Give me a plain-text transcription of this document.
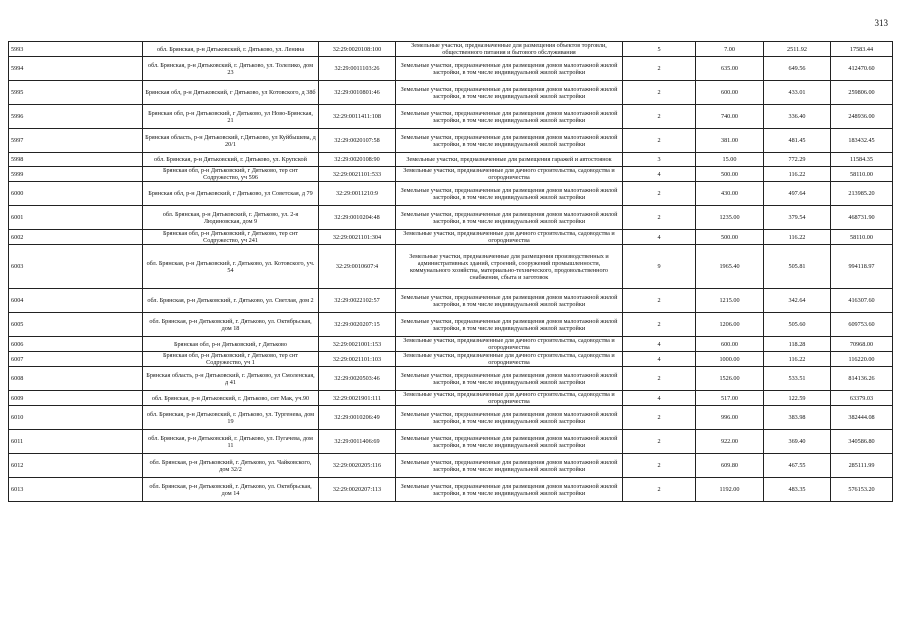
313
5993	обл. Брянская, р-н Дятьковский, г. Дятьково, ул. Ленина	32:29:0020108:100	Земельные участки, предназначенные для размещения объектов торговли, общественного питания и бытового обслуживания	5	7.00	2511.92	17583.44
5994	обл. Брянская, р-н Дятьковский, г. Дятьково, ул. Толелико, дом 23	32:29:0011103:26	Земельные участки, предназначенные для размещения домов малоэтажной жилой застройки, в том числе индивидуальной жилой застройки	2	635.00	649.56	412470.60
5995	Брянская обл, р-н Дятьковский, г Дятьково, ул Котовского, д 38б	32:29:0010801:46	Земельные участки, предназначенные для размещения домов малоэтажной жилой застройки, в том числе индивидуальной жилой застройки	2	600.00	433.01	259806.00
5996	Брянская обл, р-н Дятьковский, г Дятьково, ул Ново-Брянская, 21	32:29:0011411:108	Земельные участки, предназначенные для размещения домов малоэтажной жилой застройки, в том числе индивидуальной жилой застройки	2	740.00	336.40	248936.00
5997	Брянская область, р-н Дятьковский, г.Дятьково, ул Куйбышева, д 20/1	32:29:0020107:58	Земельные участки, предназначенные для размещения домов малоэтажной жилой застройки, в том числе индивидуальной жилой застройки	2	381.00	481.45	183432.45
5998	обл. Брянская, р-н Дятьковский, г. Дятьково, ул. Крупской	32:29:0020108:90	Земельные участки, предназначенные для размещения гаражей и автостоянок	3	15.00	772.29	11584.35
5999	Брянская обл, р-н Дятьковский, г Дятьково, тер снт Содружество, уч 596	32:29:0021101:533	Земельные участки, предназначенные для дачного строительства, садоводства и огородничества	4	500.00	116.22	58110.00
6000	Брянская обл, р-н Дятьковский, г Дятьково, ул Советская, д 79	32:29:0011210:9	Земельные участки, предназначенные для размещения домов малоэтажной жилой застройки, в том числе индивидуальной жилой застройки	2	430.00	497.64	213985.20
6001	обл. Брянская, р-н Дятьковский, г. Дятьково, ул. 2-я Людиновская, дом 9	32:29:0010204:48	Земельные участки, предназначенные для размещения домов малоэтажной жилой застройки, в том числе индивидуальной жилой застройки	2	1235.00	379.54	468731.90
6002	Брянская обл, р-н Дятьковский, г Дятьково, тер снт Содружество, уч 241	32:29:0021101:304	Земельные участки, предназначенные для дачного строительства, садоводства и огородничества	4	500.00	116.22	58110.00
6003	обл. Брянская, р-н Дятьковский, г. Дятьково, ул. Котовского, уч. 54	32:29:0010607:4	Земельные участки, предназначенные для размещения производственных и административных зданий, строений, сооружений промышленности, коммунального хозяйства, материально-технического, продовольственного снабжения, сбыта и заготовок	9	1965.40	505.81	994118.97
6004	обл. Брянская, р-н Дятьковский, г. Дятьково, ул. Светлая, дом 2	32:29:0022102:57	Земельные участки, предназначенные для размещения домов малоэтажной жилой застройки, в том числе индивидуальной жилой застройки	2	1215.00	342.64	416307.60
6005	обл. Брянская, р-н Дятьковский, г. Дятьково, ул. Октябрьская, дом 18	32:29:0020207:15	Земельные участки, предназначенные для размещения домов малоэтажной жилой застройки, в том числе индивидуальной жилой застройки	2	1206.00	505.60	609753.60
6006	Брянская обл, р-н Дятьковский, г Дятьково	32:29:0021001:153	Земельные участки, предназначенные для дачного строительства, садоводства и огородничества	4	600.00	118.28	70968.00
6007	Брянская обл, р-н Дятьковский, г Дятьково, тер снт Содружество, уч 1	32:29:0021101:103	Земельные участки, предназначенные для дачного строительства, садоводства и огородничества	4	1000.00	116.22	116220.00
6008	Брянская область, р-н Дятьковский, г. Дятьково, ул Смоленская, д 41	32:29:0020503:46	Земельные участки, предназначенные для размещения домов малоэтажной жилой застройки, в том числе индивидуальной жилой застройки	2	1526.00	533.51	814136.26
6009	обл. Брянская, р-н Дятьковский, г. Дятьково, снт Мак, уч.90	32:29:0021901:111	Земельные участки, предназначенные для дачного строительства, садоводства и огородничества	4	517.00	122.59	63379.03
6010	обл. Брянская, р-н Дятьковский, г. Дятьково, ул. Тургенева, дом 19	32:29:0010206:49	Земельные участки, предназначенные для размещения домов малоэтажной жилой застройки, в том числе индивидуальной жилой застройки	2	996.00	383.98	382444.08
6011	обл. Брянская, р-н Дятьковский, г. Дятьково, ул. Пугачева, дом 11	32:29:0011406:69	Земельные участки, предназначенные для размещения домов малоэтажной жилой застройки, в том числе индивидуальной жилой застройки	2	922.00	369.40	340586.80
6012	обл. Брянская, р-н Дятьковский, г. Дятьково, ул. Чайковского, дом 32/2	32:29:0020205:116	Земельные участки, предназначенные для размещения домов малоэтажной жилой застройки, в том числе индивидуальной жилой застройки	2	609.80	467.55	285111.99
6013	обл. Брянская, р-н Дятьковский, г. Дятьково, ул. Октябрьская, дом 14	32:29:0020207:113	Земельные участки, предназначенные для размещения домов малоэтажной жилой застройки, в том числе индивидуальной жилой застройки	2	1192.00	483.35	576153.20
